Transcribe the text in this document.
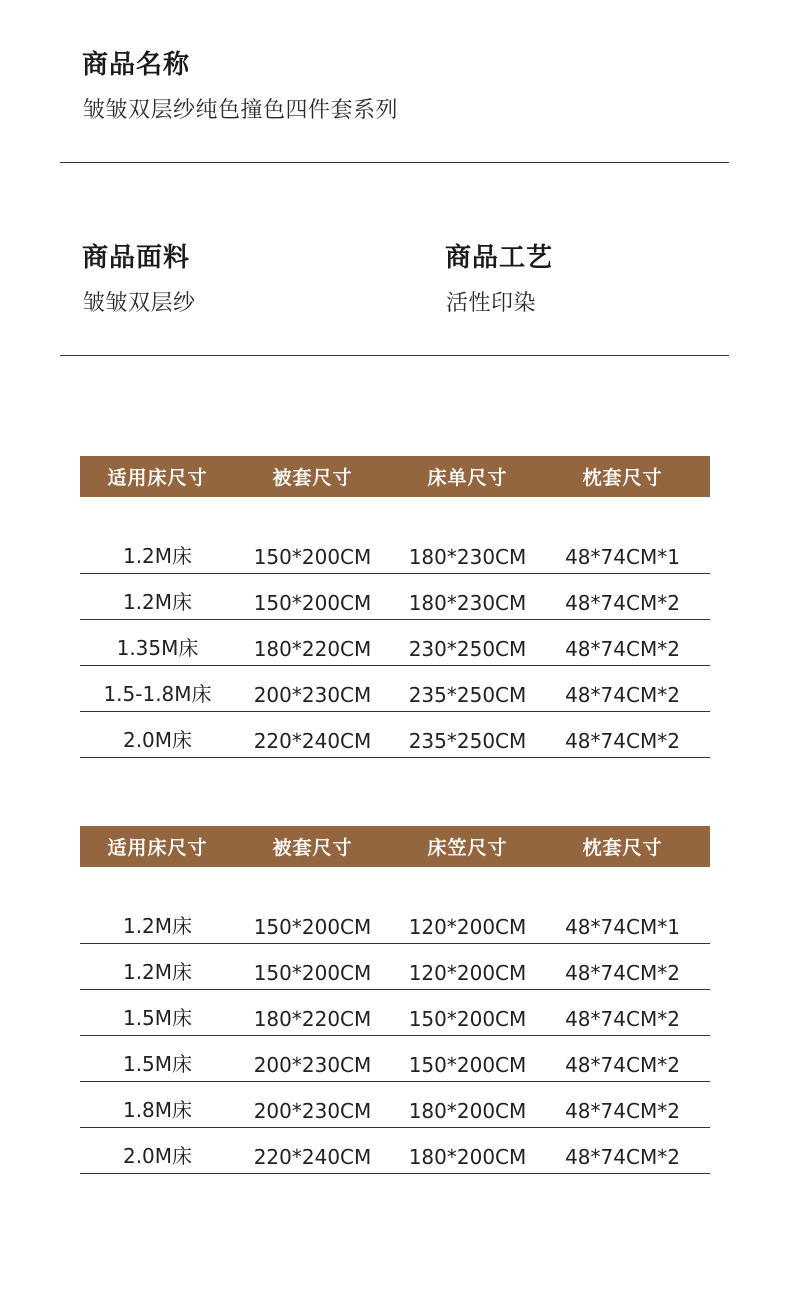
商品名称
皱皱双层纱纯色撞色四件套系列
商品面料
皱皱双层纱
商品工艺
活性印染
适用床尺寸	被套尺寸	床单尺寸	枕套尺寸
1.2M床	150*200CM	180*230CM	48*74CM*1
1.2M床	150*200CM	180*230CM	48*74CM*2
1.35M床	180*220CM	230*250CM	48*74CM*2
1.5-1.8M床	200*230CM	235*250CM	48*74CM*2
2.0M床	220*240CM	235*250CM	48*74CM*2
适用床尺寸	被套尺寸	床笠尺寸	枕套尺寸
1.2M床	150*200CM	120*200CM	48*74CM*1
1.2M床	150*200CM	120*200CM	48*74CM*2
1.5M床	180*220CM	150*200CM	48*74CM*2
1.5M床	200*230CM	150*200CM	48*74CM*2
1.8M床	200*230CM	180*200CM	48*74CM*2
2.0M床	220*240CM	180*200CM	48*74CM*2
